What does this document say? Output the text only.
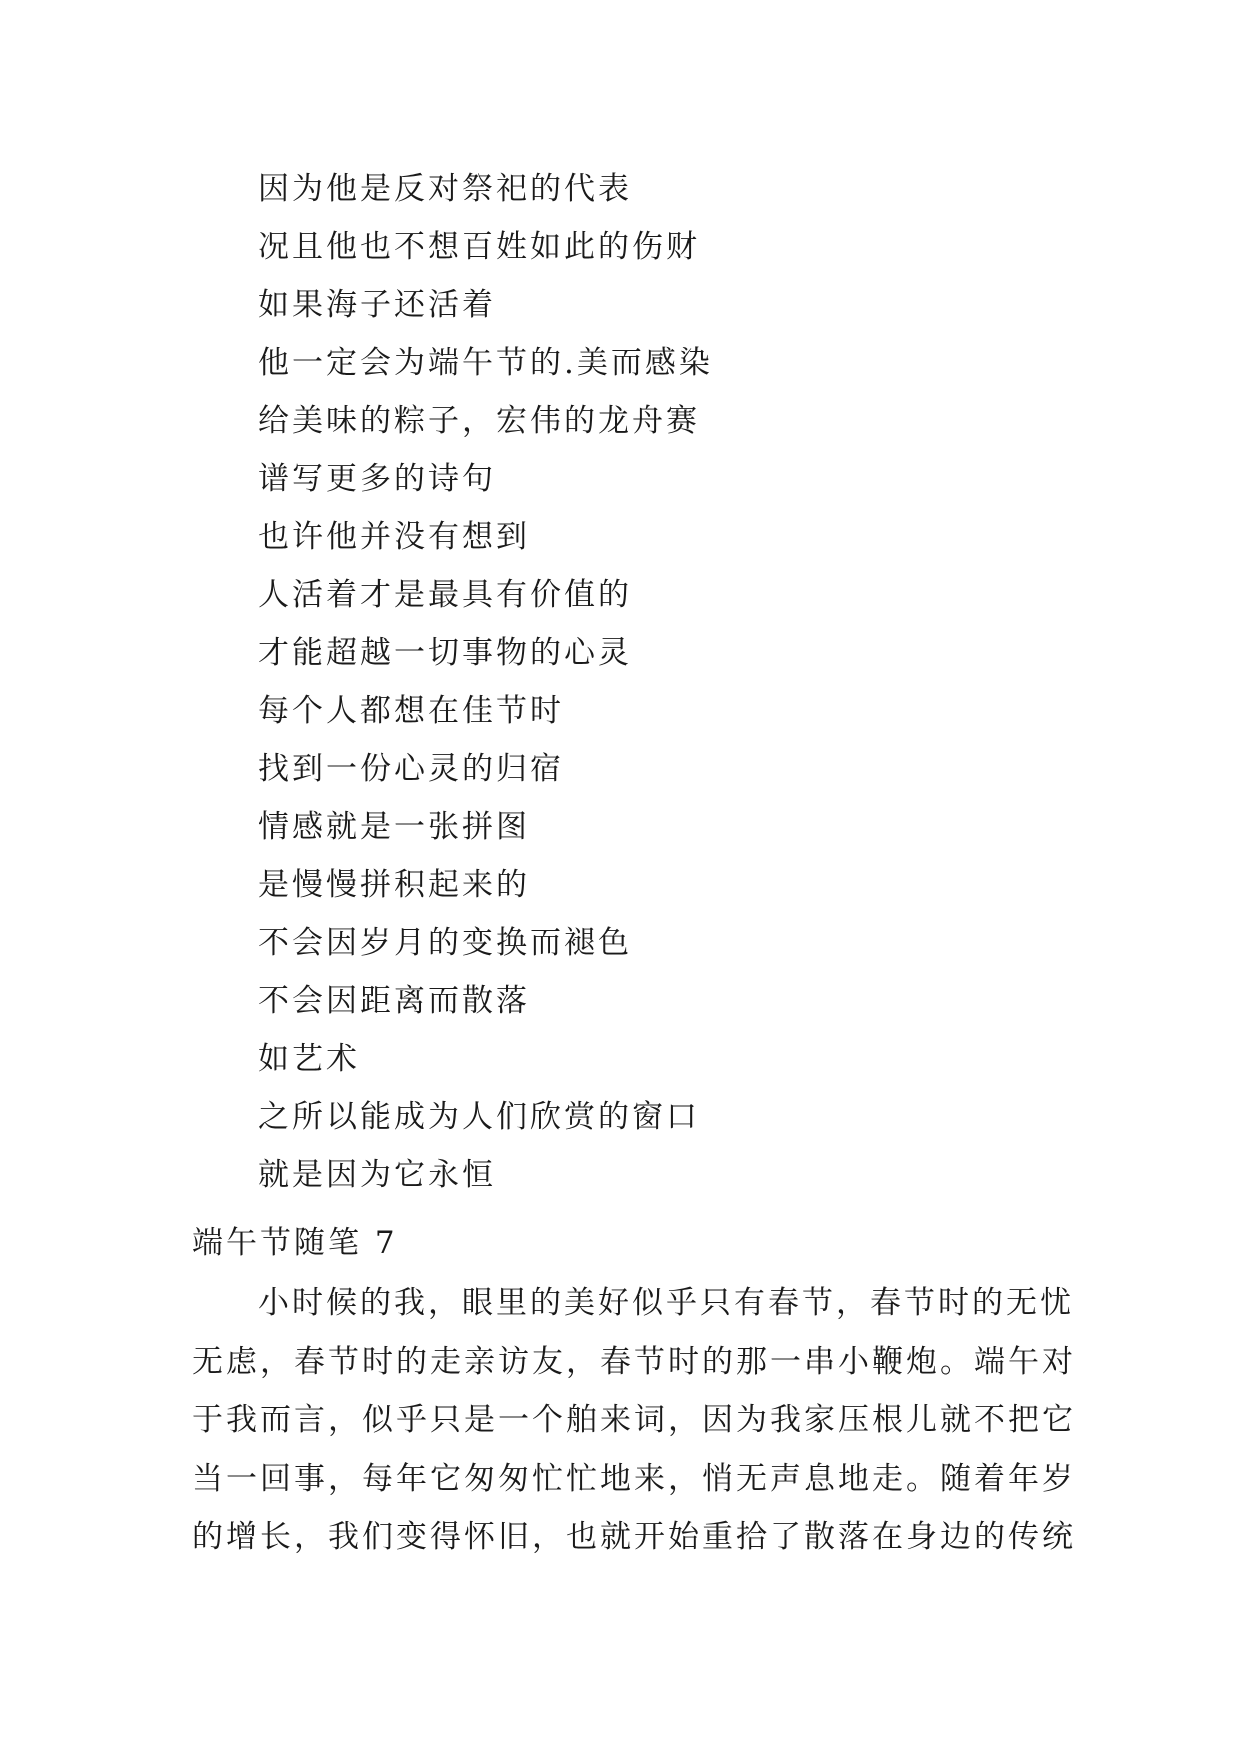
因为他是反对祭祀的代表
况且他也不想百姓如此的伤财
如果海子还活着
他一定会为端午节的.美而感染
给美味的粽子，宏伟的龙舟赛
谱写更多的诗句
也许他并没有想到
人活着才是最具有价值的
才能超越一切事物的心灵
每个人都想在佳节时
找到一份心灵的归宿
情感就是一张拼图
是慢慢拼积起来的
不会因岁月的变换而褪色
不会因距离而散落
如艺术
之所以能成为人们欣赏的窗口
就是因为它永恒
端午节随笔 7
小时候的我，眼里的美好似乎只有春节，春节时的无忧
无虑，春节时的走亲访友，春节时的那一串小鞭炮。端午对
于我而言，似乎只是一个舶来词，因为我家压根儿就不把它
当一回事，每年它匆匆忙忙地来，悄无声息地走。随着年岁
的增长，我们变得怀旧，也就开始重拾了散落在身边的传统
